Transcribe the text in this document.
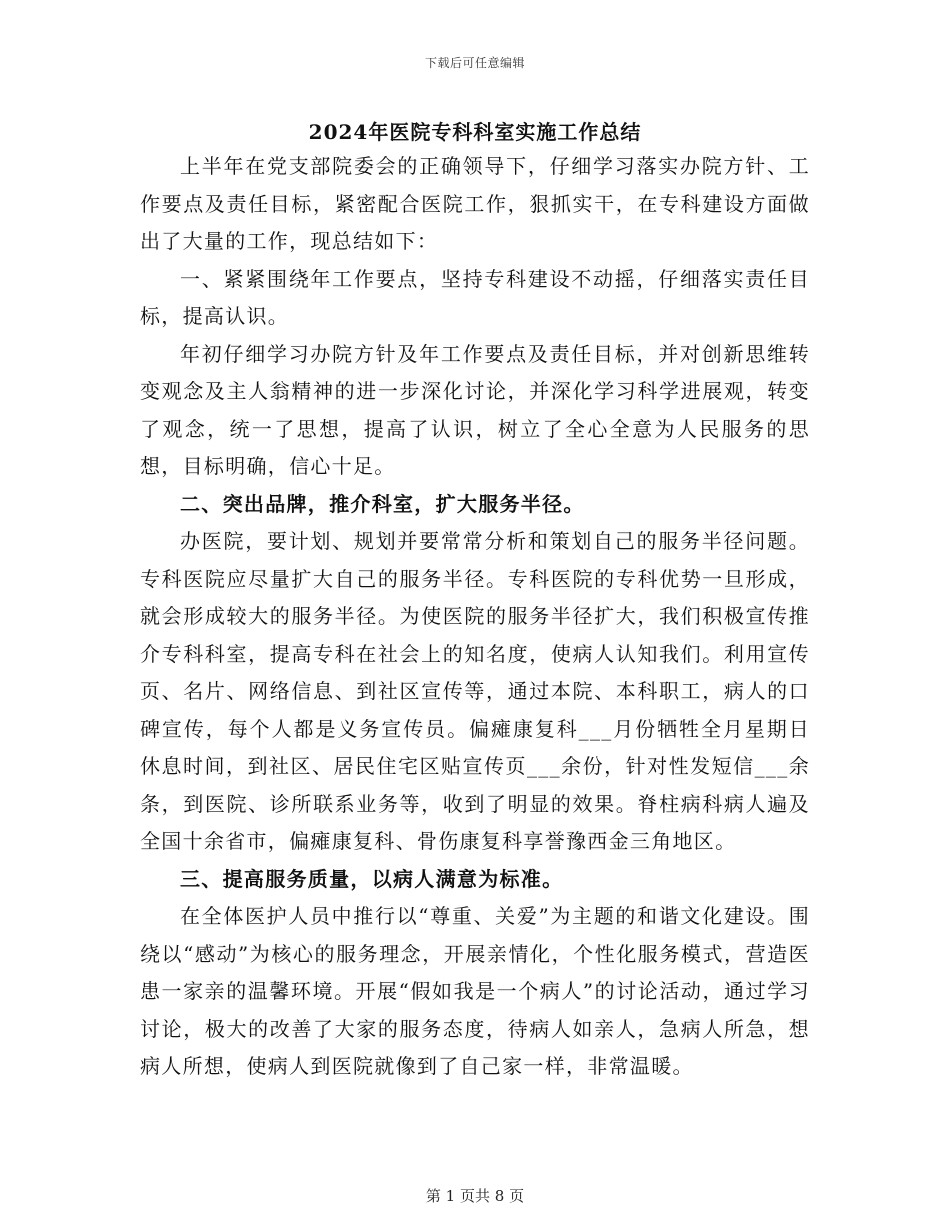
下载后可任意编辑
2024年医院专科科室实施工作总结

上半年在党支部院委会的正确领导下，仔细学习落实办院方针、工作要点及责任目标，紧密配合医院工作，狠抓实干，在专科建设方面做出了大量的工作，现总结如下：

一、紧紧围绕年工作要点，坚持专科建设不动摇，仔细落实责任目标，提高认识。

年初仔细学习办院方针及年工作要点及责任目标，并对创新思维转变观念及主人翁精神的进一步深化讨论，并深化学习科学进展观，转变了观念，统一了思想，提高了认识，树立了全心全意为人民服务的思想，目标明确，信心十足。

二、突出品牌，推介科室，扩大服务半径。

办医院，要计划、规划并要常常分析和策划自己的服务半径问题。专科医院应尽量扩大自己的服务半径。专科医院的专科优势一旦形成，就会形成较大的服务半径。为使医院的服务半径扩大，我们积极宣传推介专科科室，提高专科在社会上的知名度，使病人认知我们。利用宣传页、名片、网络信息、到社区宣传等，通过本院、本科职工，病人的口碑宣传，每个人都是义务宣传员。偏瘫康复科___月份牺牲全月星期日休息时间，到社区、居民住宅区贴宣传页___余份，针对性发短信___余条，到医院、诊所联系业务等，收到了明显的效果。脊柱病科病人遍及全国十余省市，偏瘫康复科、骨伤康复科享誉豫西金三角地区。

三、提高服务质量，以病人满意为标准。

在全体医护人员中推行以“尊重、关爱”为主题的和谐文化建设。围绕以“感动”为核心的服务理念，开展亲情化，个性化服务模式，营造医患一家亲的温馨环境。开展“假如我是一个病人”的讨论活动，通过学习讨论，极大的改善了大家的服务态度，待病人如亲人，急病人所急，想病人所想，使病人到医院就像到了自己家一样，非常温暖。

第 1 页共 8 页
